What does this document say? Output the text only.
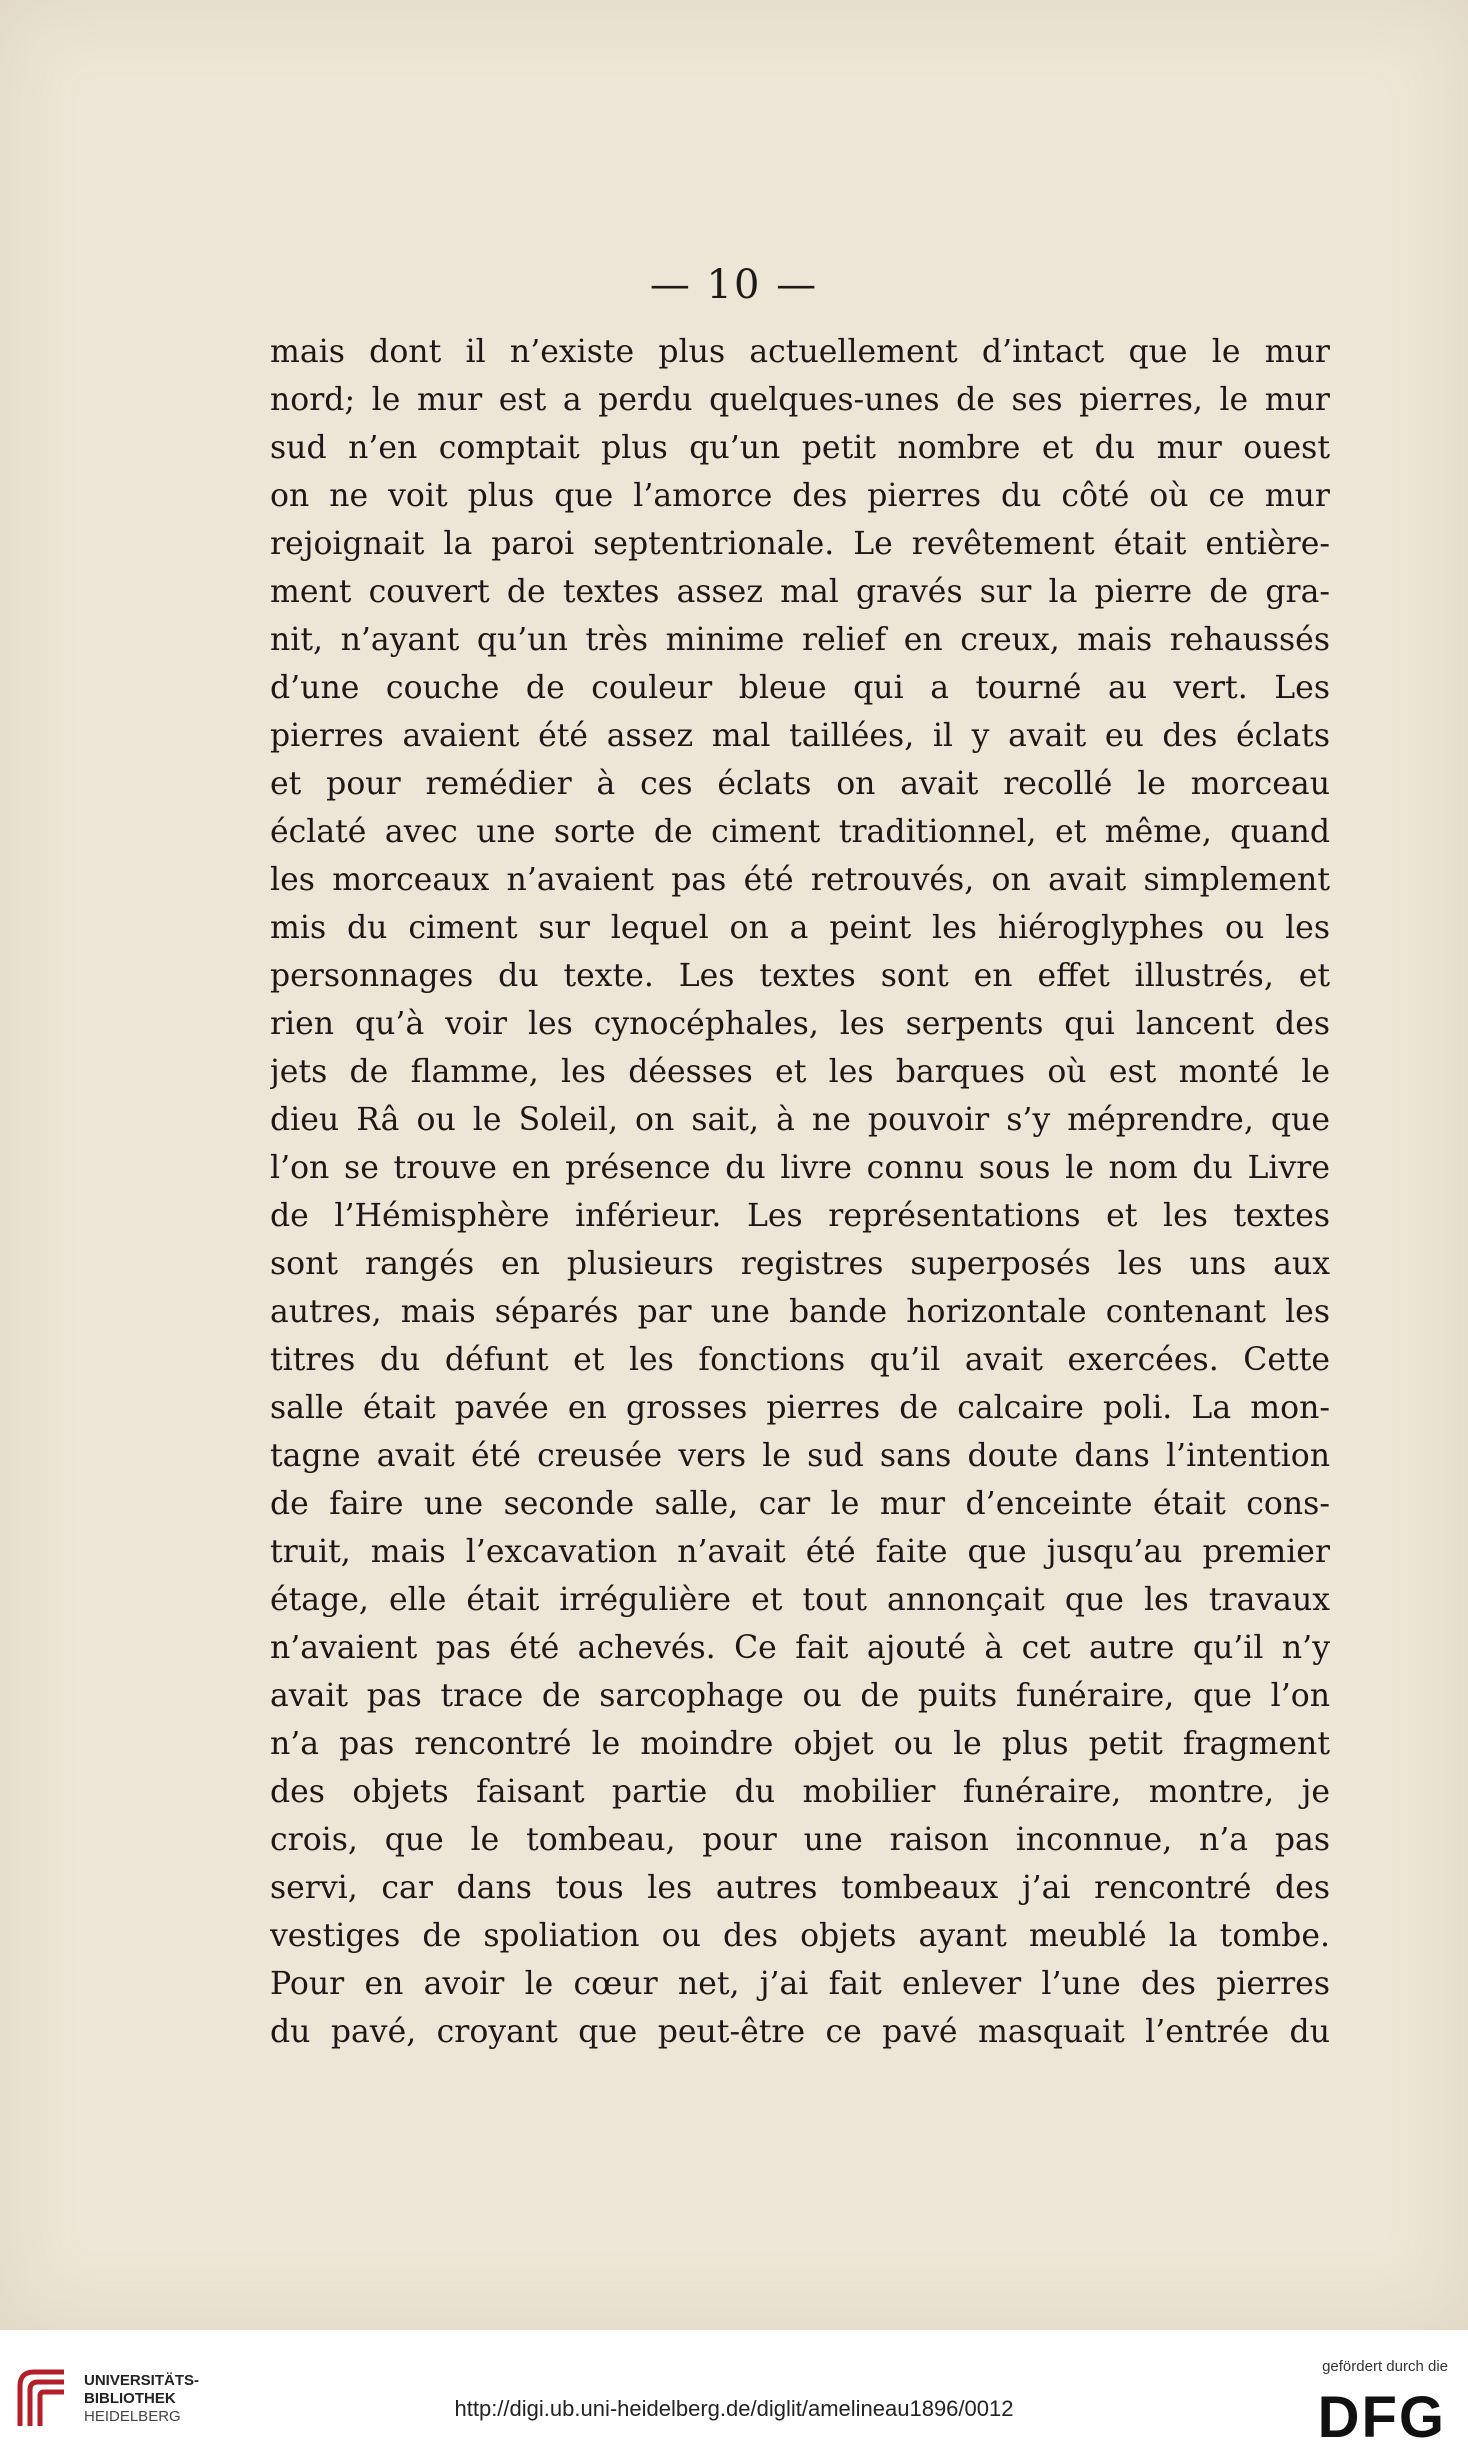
— 10 —
mais dont il n’existe plus actuellement d’intact que le mur
nord; le mur est a perdu quelques-unes de ses pierres, le mur
sud n’en comptait plus qu’un petit nombre et du mur ouest
on ne voit plus que l’amorce des pierres du côté où ce mur
rejoignait la paroi septentrionale. Le revêtement était entière-
ment couvert de textes assez mal gravés sur la pierre de gra-
nit, n’ayant qu’un très minime relief en creux, mais rehaussés
d’une couche de couleur bleue qui a tourné au vert. Les
pierres avaient été assez mal taillées, il y avait eu des éclats
et pour remédier à ces éclats on avait recollé le morceau
éclaté avec une sorte de ciment traditionnel, et même, quand
les morceaux n’avaient pas été retrouvés, on avait simplement
mis du ciment sur lequel on a peint les hiéroglyphes ou les
personnages du texte. Les textes sont en effet illustrés, et
rien qu’à voir les cynocéphales, les serpents qui lancent des
jets de flamme, les déesses et les barques où est monté le
dieu Râ ou le Soleil, on sait, à ne pouvoir s’y méprendre, que
l’on se trouve en présence du livre connu sous le nom du Livre
de l’Hémisphère inférieur. Les représentations et les textes
sont rangés en plusieurs registres superposés les uns aux
autres, mais séparés par une bande horizontale contenant les
titres du défunt et les fonctions qu’il avait exercées. Cette
salle était pavée en grosses pierres de calcaire poli. La mon-
tagne avait été creusée vers le sud sans doute dans l’intention
de faire une seconde salle, car le mur d’enceinte était cons-
truit, mais l’excavation n’avait été faite que jusqu’au premier
étage, elle était irrégulière et tout annonçait que les travaux
n’avaient pas été achevés. Ce fait ajouté à cet autre qu’il n’y
avait pas trace de sarcophage ou de puits funéraire, que l’on
n’a pas rencontré le moindre objet ou le plus petit fragment
des objets faisant partie du mobilier funéraire, montre, je
crois, que le tombeau, pour une raison inconnue, n’a pas
servi, car dans tous les autres tombeaux j’ai rencontré des
vestiges de spoliation ou des objets ayant meublé la tombe.
Pour en avoir le cœur net, j’ai fait enlever l’une des pierres
du pavé, croyant que peut-être ce pavé masquait l’entrée du
UNIVERSITÄTS-
BIBLIOTHEK
HEIDELBERG	http://digi.ub.uni-heidelberg.de/diglit/amelineau1896/0012
gefördert durch die
DFG
